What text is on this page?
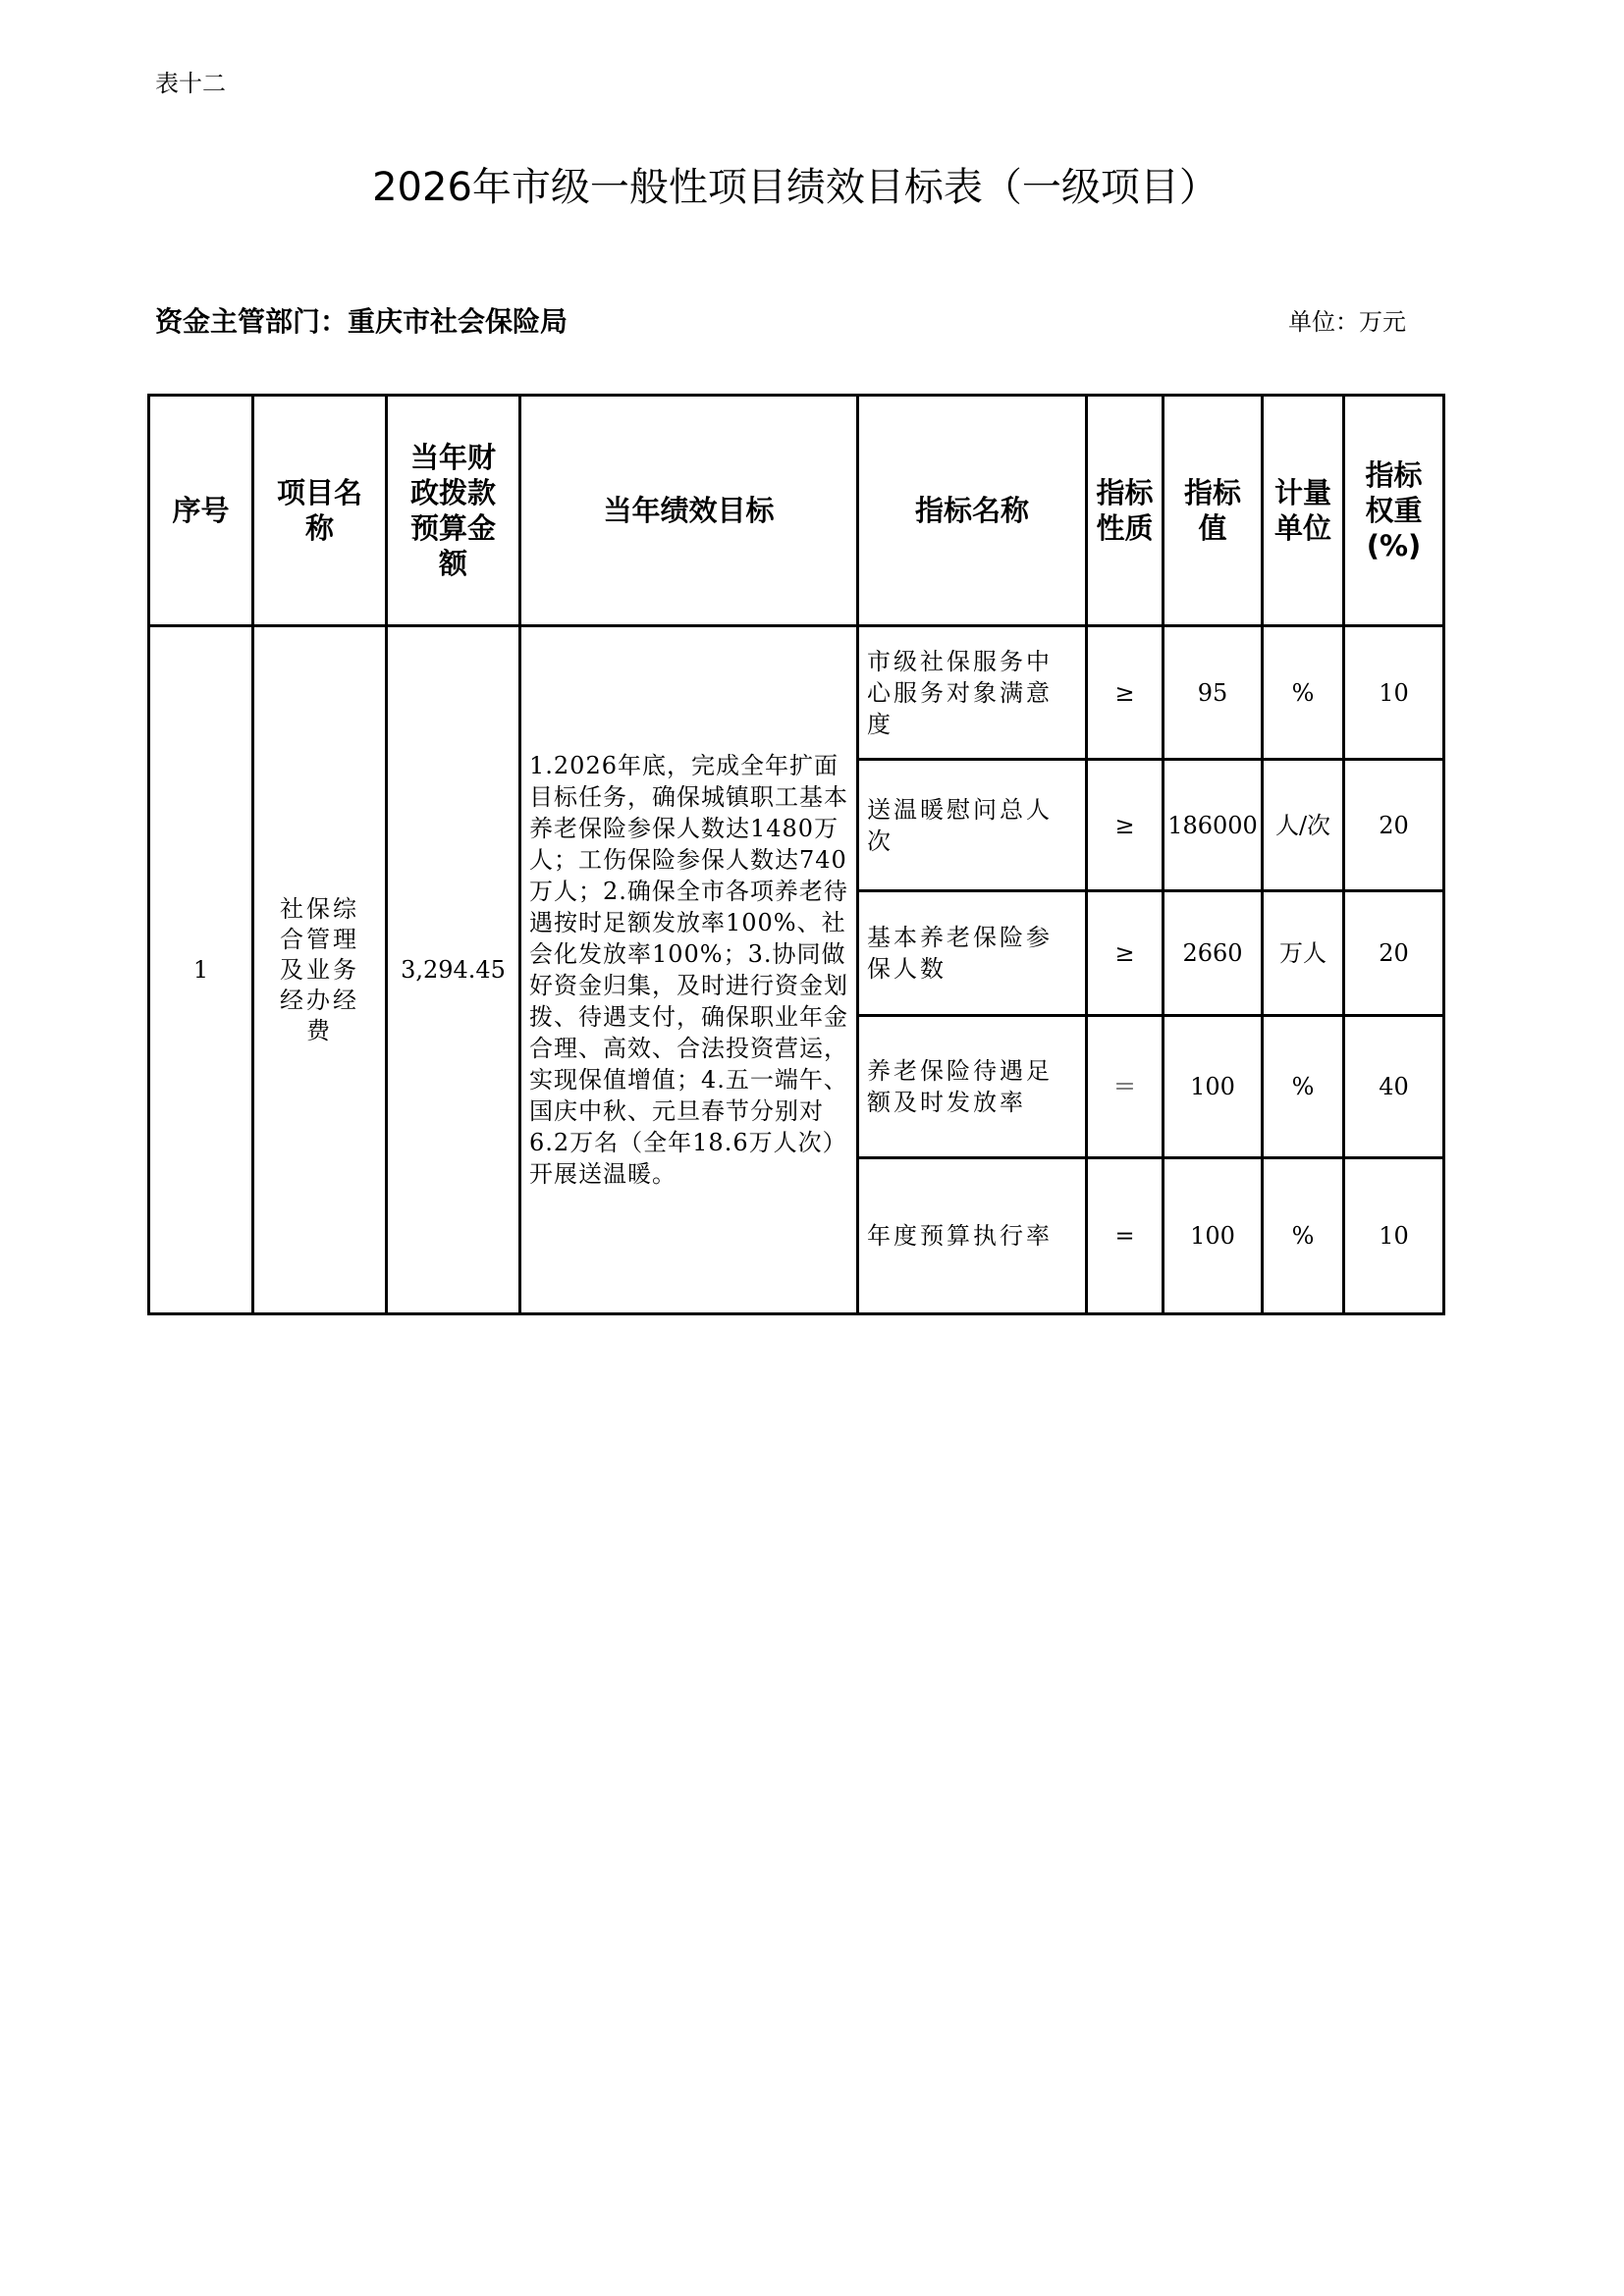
表十二
2026年市级一般性项目绩效目标表（一级项目）
资金主管部门：重庆市社会保险局	单位：万元
序号	项目名称	当年财政拨款预算金额	当年绩效目标	指标名称	指标性质	指标值	计量单位	指标权重(%)
1	社保综合管理及业务经办经费	3,294.45	1.2026年底，完成全年扩面目标任务，确保城镇职工基本养老保险参保人数达1480万人；工伤保险参保人数达740万人；2.确保全市各项养老待遇按时足额发放率100%、社会化发放率100%；3.协同做好资金归集，及时进行资金划拨、待遇支付，确保职业年金合理、高效、合法投资营运，实现保值增值；4.五一端午、国庆中秋、元旦春节分别对6.2万名（全年18.6万人次）开展送温暖。	市级社保服务中心服务对象满意度	≥	95	%	10
				送温暖慰问总人次	≥	186000	人/次	20
				基本养老保险参保人数	≥	2660	万人	20
				养老保险待遇足额及时发放率	＝	100	%	40
				年度预算执行率	=	100	%	10
